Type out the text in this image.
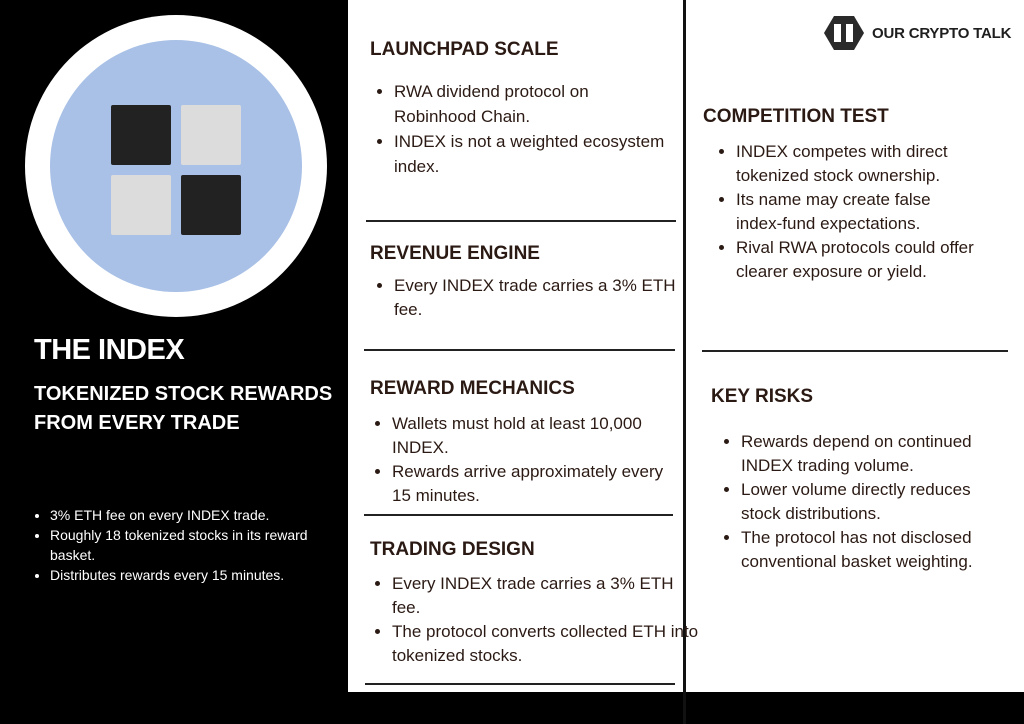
THE INDEX
TOKENIZED STOCK REWARDS FROM EVERY TRADE
• 3% ETH fee on every INDEX trade.
• Roughly 18 tokenized stocks in its reward basket.
• Distributes rewards every 15 minutes.
OUR CRYPTO TALK
LAUNCHPAD SCALE
• RWA dividend protocol on Robinhood Chain.
• INDEX is not a weighted ecosystem index.
REVENUE ENGINE
• Every INDEX trade carries a 3% ETH fee.
REWARD MECHANICS
• Wallets must hold at least 10,000 INDEX.
• Rewards arrive approximately every 15 minutes.
TRADING DESIGN
• Every INDEX trade carries a 3% ETH fee.
• The protocol converts collected ETH into tokenized stocks.
COMPETITION TEST
• INDEX competes with direct tokenized stock ownership.
• Its name may create false index-fund expectations.
• Rival RWA protocols could offer clearer exposure or yield.
KEY RISKS
• Rewards depend on continued INDEX trading volume.
• Lower volume directly reduces stock distributions.
• The protocol has not disclosed conventional basket weighting.
